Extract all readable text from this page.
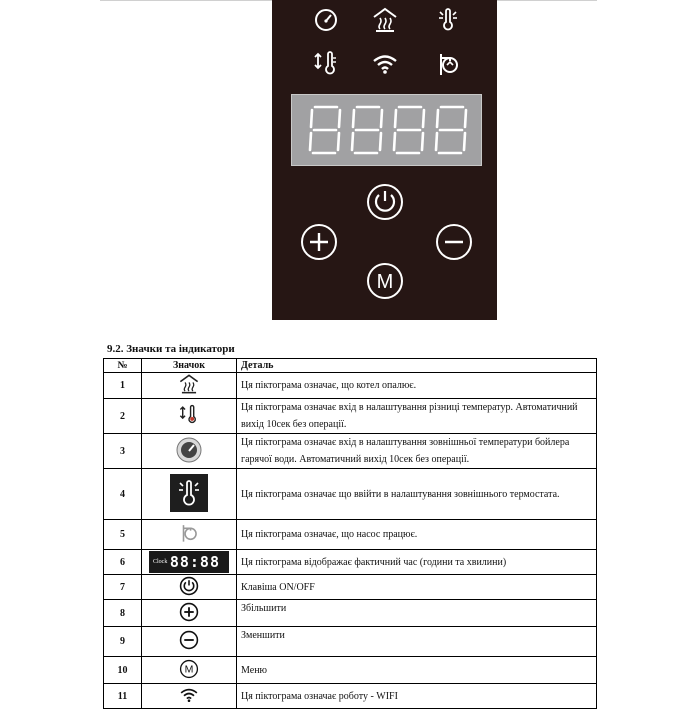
M
9.2. Значки та індикатори
№	Значок	Деталь
1		Ця піктограма означає, що котел опалює.
2		Ця піктограма означає вхід в налаштування різниці температур. Автоматичний вихід 10сек без операції.
3		Ця піктограма означає вхід в налаштування зовнішньої температури бойлера гарячої води. Автоматичний вихід 10сек без операції.
4		Ця піктограма означає що ввійти в налаштування зовнішнього термостата.
5		Ця піктограма означає, що насос працює.
6	Clock 88:88	Ця піктограма відображає фактичний час (години та хвилини)
7		Клавіша ON/OFF
8		Збільшити
9		Зменшити
10	M	Меню
11		Ця піктограма означає роботу - WIFI
